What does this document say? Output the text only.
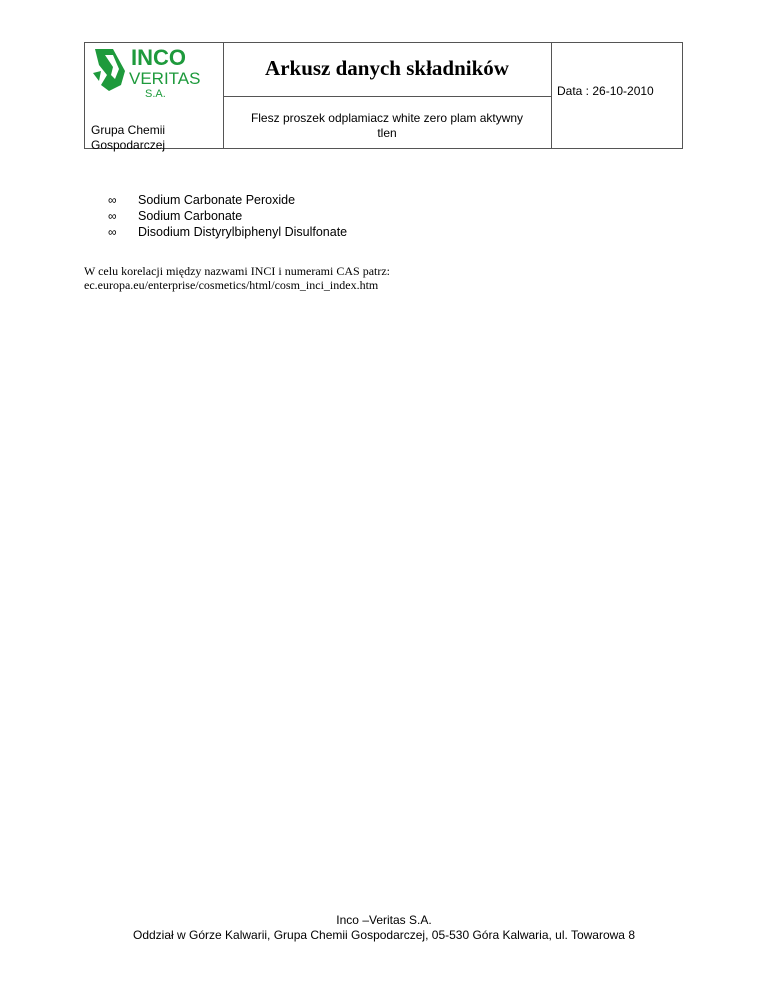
INCO
VERITAS
S.A.
Grupa Chemii
Gospodarczej
Arkusz danych składników
Flesz proszek odplamiacz white zero plam aktywny
tlen
Data : 26-10-2010
∞ Sodium Carbonate Peroxide
∞ Sodium Carbonate
∞ Disodium Distyrylbiphenyl Disulfonate
W celu korelacji między nazwami INCI i numerami CAS patrz:
ec.europa.eu/enterprise/cosmetics/html/cosm_inci_index.htm
Inco –Veritas S.A.
Oddział w Górze Kalwarii, Grupa Chemii Gospodarczej, 05-530 Góra Kalwaria, ul. Towarowa 8
